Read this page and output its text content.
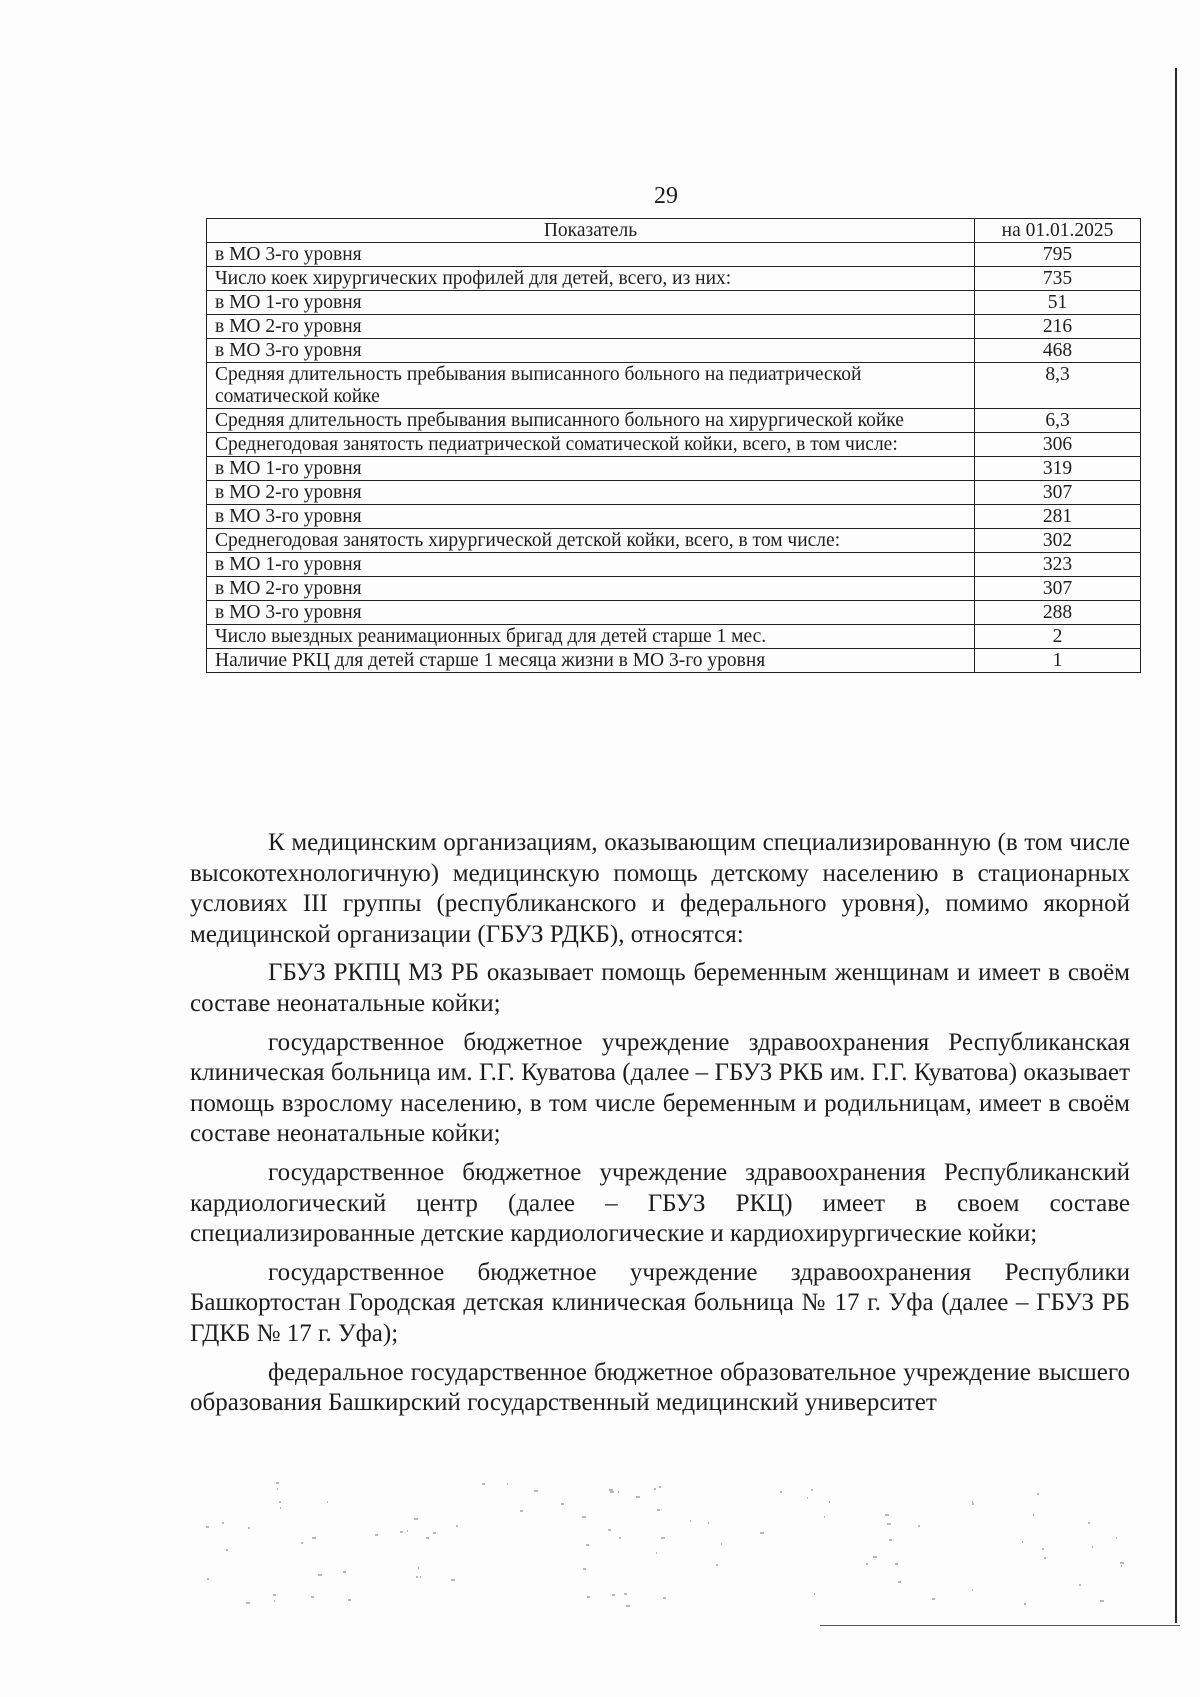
29
Показатель	на 01.01.2025
в МО 3-го уровня	795
Число коек хирургических профилей для детей, всего, из них:	735
в МО 1-го уровня	51
в МО 2-го уровня	216
в МО 3-го уровня	468
Средняя длительность пребывания выписанного больного на педиатрической соматической койке	8,3
Средняя длительность пребывания выписанного больного на хирургической койке	6,3
Среднегодовая занятость педиатрической соматической койки, всего, в том числе:	306
в МО 1-го уровня	319
в МО 2-го уровня	307
в МО 3-го уровня	281
Среднегодовая занятость хирургической детской койки, всего, в том числе:	302
в МО 1-го уровня	323
в МО 2-го уровня	307
в МО 3-го уровня	288
Число выездных реанимационных бригад для детей старше 1 мес.	2
Наличие РКЦ для детей старше 1 месяца жизни в МО 3-го уровня	1

К медицинским организациям, оказывающим специализированную (в том числе высокотехнологичную) медицинскую помощь детскому населению в стационарных условиях III группы (республиканского и федерального уровня), помимо якорной медицинской организации (ГБУЗ РДКБ), относятся:

ГБУЗ РКПЦ МЗ РБ оказывает помощь беременным женщинам и имеет в своём составе неонатальные койки;

государственное бюджетное учреждение здравоохранения Республиканская клиническая больница им. Г.Г. Куватова (далее – ГБУЗ РКБ им. Г.Г. Куватова) оказывает помощь взрослому населению, в том числе беременным и родильницам, имеет в своём составе неонатальные койки;

государственное бюджетное учреждение здравоохранения Республиканский кардиологический центр (далее – ГБУЗ РКЦ) имеет в своем составе специализированные детские кардиологические и кардиохирургические койки;

государственное бюджетное учреждение здравоохранения Республики Башкортостан Городская детская клиническая больница № 17 г. Уфа (далее – ГБУЗ РБ ГДКБ № 17 г. Уфа);

федеральное государственное бюджетное образовательное учреждение высшего образования Башкирский государственный медицинский университет
